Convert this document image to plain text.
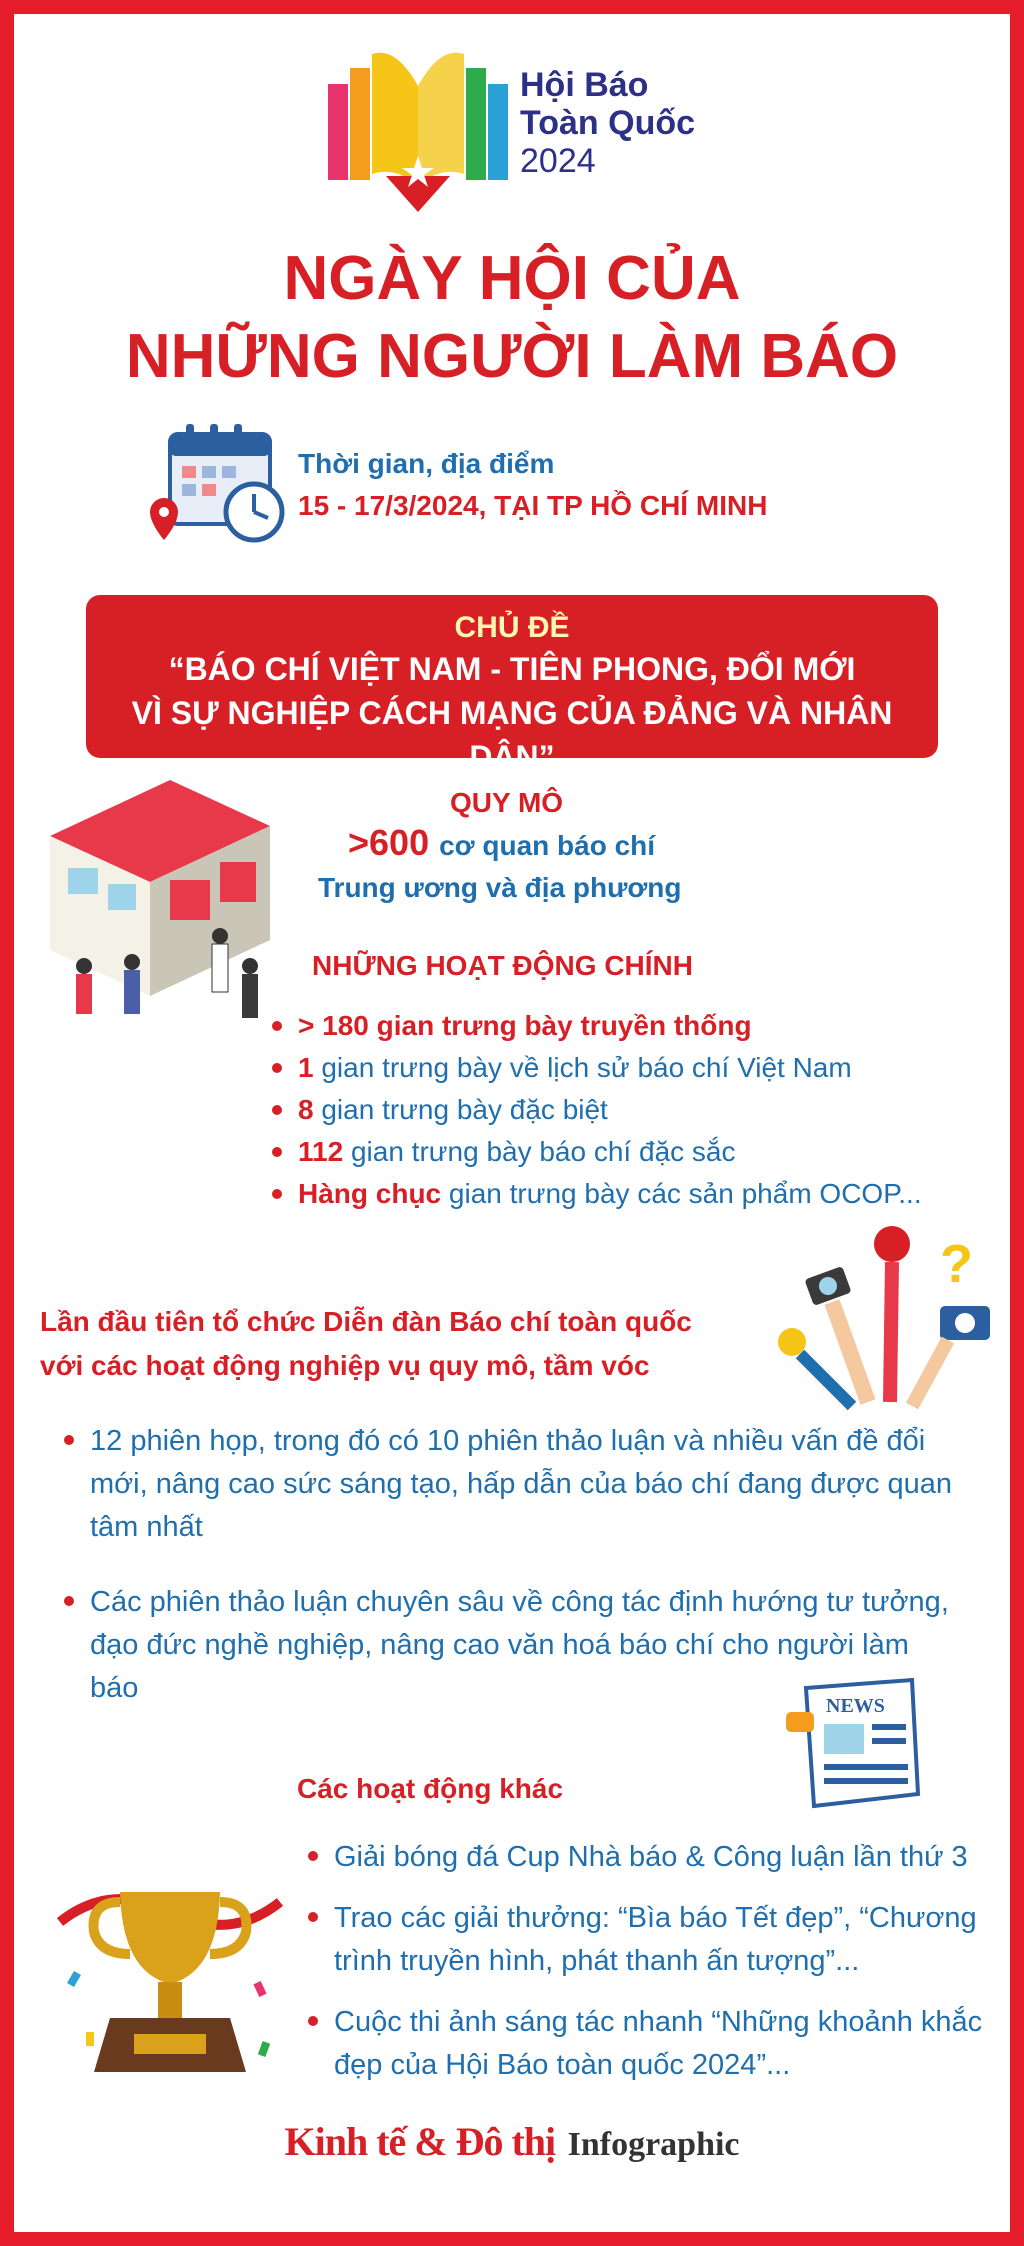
Hội Báo
Toàn Quốc
2024
NGÀY HỘI CỦA
NHỮNG NGƯỜI LÀM BÁO
Thời gian, địa điểm
15 - 17/3/2024, TẠI TP HỒ CHÍ MINH
CHỦ ĐỀ
“BÁO CHÍ VIỆT NAM - TIÊN PHONG, ĐỔI MỚI
VÌ SỰ NGHIỆP CÁCH MẠNG CỦA ĐẢNG VÀ NHÂN DÂN”
QUY MÔ
>600 cơ quan báo chí
Trung ương và địa phương
NHỮNG HOẠT ĐỘNG CHÍNH
> 180 gian trưng bày truyền thống
1 gian trưng bày về lịch sử báo chí Việt Nam
8 gian trưng bày đặc biệt
112 gian trưng bày báo chí đặc sắc
Hàng chục gian trưng bày các sản phẩm OCOP...
?
Lần đầu tiên tổ chức Diễn đàn Báo chí toàn quốc
với các hoạt động nghiệp vụ quy mô, tầm vóc
12 phiên họp, trong đó có 10 phiên thảo luận và nhiều vấn đề đổi mới, nâng cao sức sáng tạo, hấp dẫn của báo chí đang được quan tâm nhất
Các phiên thảo luận chuyên sâu về công tác định hướng tư tưởng, đạo đức nghề nghiệp, nâng cao văn hoá báo chí cho người làm báo
NEWS
Các hoạt động khác
Giải bóng đá Cup Nhà báo & Công luận lần thứ 3
Trao các giải thưởng: “Bìa báo Tết đẹp”, “Chương trình truyền hình, phát thanh ấn tượng”...
Cuộc thi ảnh sáng tác nhanh “Những khoảnh khắc đẹp của Hội Báo toàn quốc 2024”...
Kinh tế & Đô thị Infographic
